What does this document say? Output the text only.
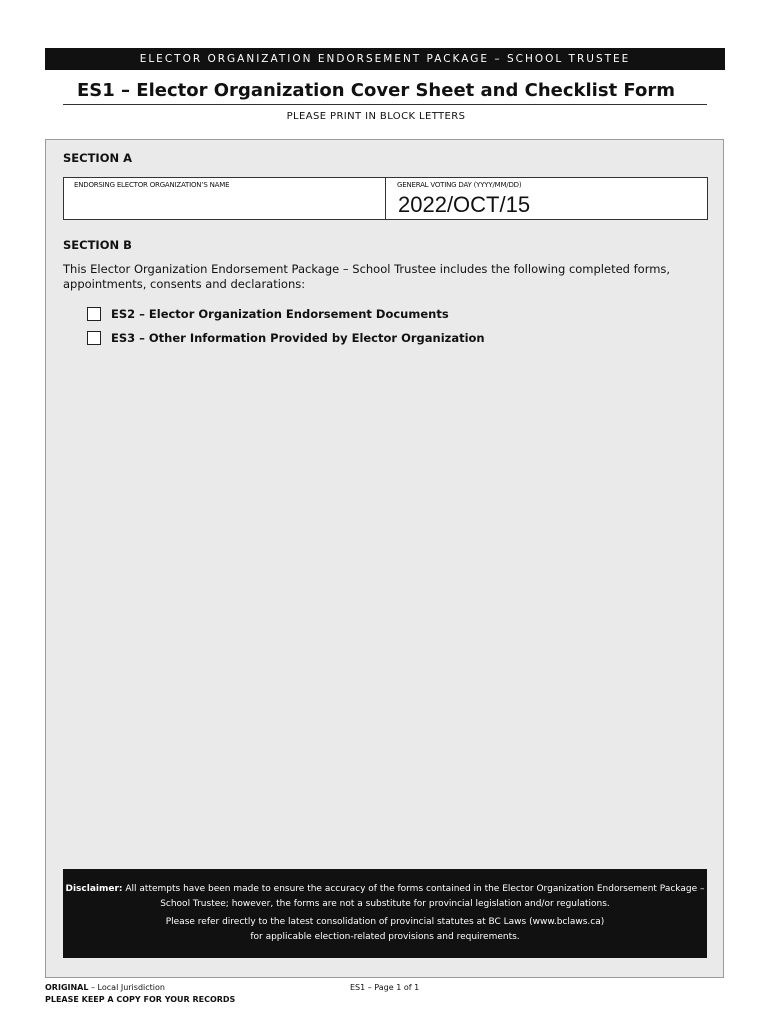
ELECTOR ORGANIZATION ENDORSEMENT PACKAGE – SCHOOL TRUSTEE
ES1 – Elector Organization Cover Sheet and Checklist Form
PLEASE PRINT IN BLOCK LETTERS
SECTION A
ENDORSING ELECTOR ORGANIZATION’S NAME	GENERAL VOTING DAY (YYYY/MM/DD)
2022/OCT/15
SECTION B
This Elector Organization Endorsement Package – School Trustee includes the following completed forms, appointments, consents and declarations:
ES2 – Elector Organization Endorsement Documents
ES3 – Other Information Provided by Elector Organization

Disclaimer: All attempts have been made to ensure the accuracy of the forms contained in the Elector Organization Endorsement Package – School Trustee; however, the forms are not a substitute for provincial legislation and/or regulations.

Please refer directly to the latest consolidation of provincial statutes at BC Laws (www.bclaws.ca)
for applicable election-related provisions and requirements.

ORIGINAL – Local Jurisdiction
PLEASE KEEP A COPY FOR YOUR RECORDS
ES1 – Page 1 of 1
